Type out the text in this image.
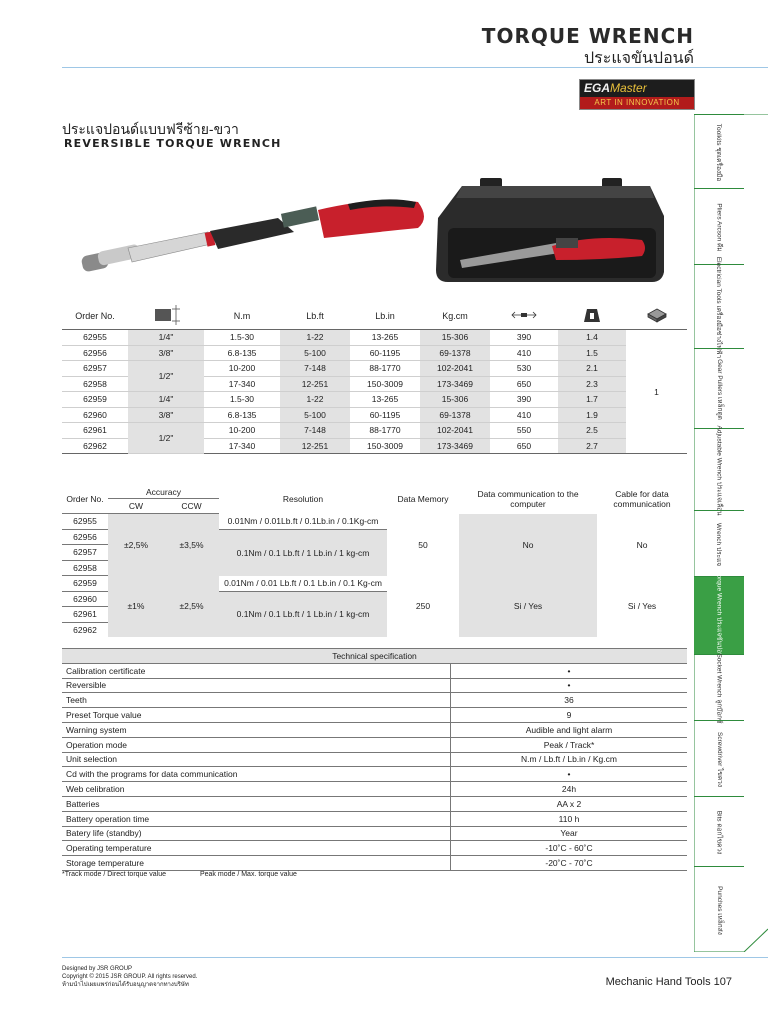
TORQUE WRENCH
ประแจขันปอนด์
EGAMaster
ART IN INNOVATION
ประแจปอนด์แบบฟรีซ้าย-ขวา
REVERSIBLE TORQUE WRENCH
Order No.		N.m	Lb.ft	Lb.in	Kg.cm			
62955	1/4"	1.5-30	1-22	13-265	15-306	390	1.4	1
62956	3/8"	6.8-135	5-100	60-1195	69-1378	410	1.5	
62957	1/2"	10-200	7-148	88-1770	102-2041	530	2.1	
62958		17-340	12-251	150-3009	173-3469	650	2.3	
62959	1/4"	1.5-30	1-22	13-265	15-306	390	1.7	
62960	3/8"	6.8-135	5-100	60-1195	69-1378	410	1.9	
62961	1/2"	10-200	7-148	88-1770	102-2041	550	2.5	
62962		17-340	12-251	150-3009	173-3469	650	2.7	
Order No.	Accuracy		Resolution	Data Memory	Data communication to the computer	Cable for data communication
	CW	CCW				
62955	±2,5%	±3,5%	0.01Nm / 0.01Lb.ft / 0.1Lb.in / 0.1Kg-cm	50	No	No
62956			0.1Nm / 0.1 Lb.ft / 1 Lb.in / 1 kg-cm			
62957						
62958						
62959	±1%	±2,5%	0.01Nm / 0.01 Lb.ft / 0.1 Lb.in / 0.1 Kg-cm	250	Si / Yes	Si / Yes
62960			0.1Nm / 0.1 Lb.ft / 1 Lb.in / 1 kg-cm			
62961						
62962						
Technical specification	
Calibration certificate	•
Reversible	•
Teeth	36
Preset Torque value	9
Warning system	Audible and light alarm
Operation mode	Peak / Track*
Unit selection	N.m / Lb.ft / Lb.in / Kg.cm
Cd with the programs for data communication	•
Web celibration	24h
Batteries	AA x 2
Battery operation time	110 h
Batery life (standby)	Year
Operating temperature	-10˚C - 60˚C
Storage temperature	-20˚C - 70˚C
*Track mode / Direct torque value	Peak mode / Max. torque value
Designed by JSR GROUP
Copyright © 2015 JSR GROUP. All rights reserved.
ห้ามนำไปเผยแพร่ก่อนได้รับอนุญาตจากทางบริษัท	Mechanic Hand Tools 107
Toolkits ชุดเครื่องมือ
Pliers Arcson คีม
Electrician Tools เครื่องมือช่างไฟฟ้า
Gear Pullers เหล็กดูด
Adjustable Wrench ประแจเลื่อน
Wrench ประแจ
Torque Wrench ประแจขันปอนด์
Socket Wrench ลูกบ๊อกซ์
Screwdriver ไขควง
Bits ดอกไขควง
Punches เหล็กส่ง
